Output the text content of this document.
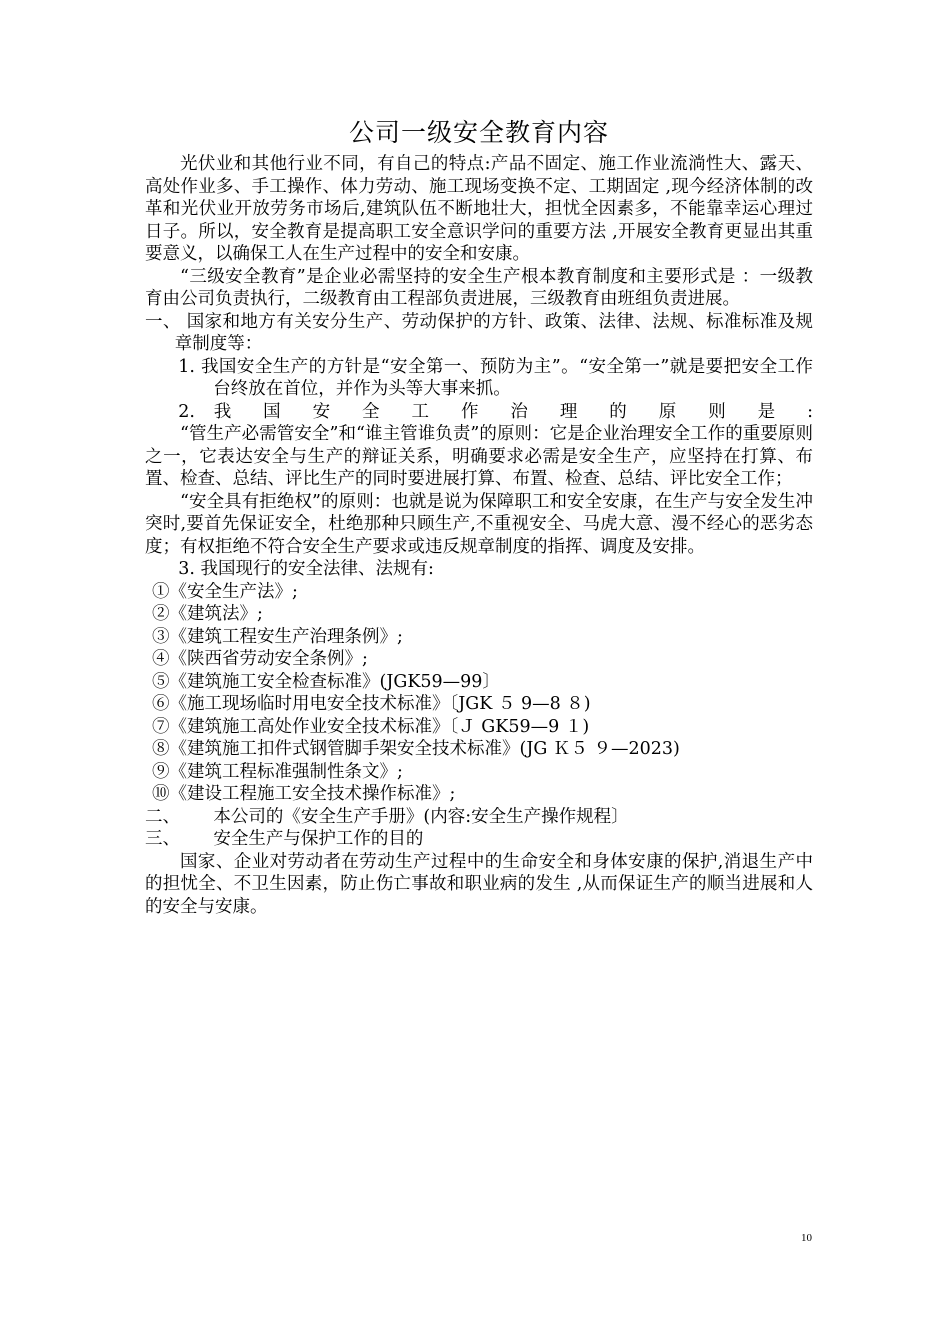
公司一级安全教育内容

光伏业和其他行业不同，有自己的特点:产品不固定、施工作业流淌性大、露天、高处作业多、手工操作、体力劳动、施工现场变换不定、工期固定 ,现今经济体制的改革和光伏业开放劳务市场后,建筑队伍不断地壮大，担忧全因素多，不能靠幸运心理过日子。所以，安全教育是提高职工安全意识学问的重要方法 ,开展安全教育更显出其重要意义，以确保工人在生产过程中的安全和安康。

“三级安全教育”是企业必需坚持的安全生产根本教育制度和主要形式是 ：一级教育由公司负责执行，二级教育由工程部负责进展，三级教育由班组负责进展。

一、 国家和地方有关安分生产、劳动保护的方针、政策、法律、法规、标准标准及规章制度等：

1. 我国安全生产的方针是“安全第一、预防为主”。“安全第一”就是要把安全工作台终放在首位，并作为头等大事来抓。

2. 我 国 安 全 工 作 治 理 的 原 则 是 :

“管生产必需管安全”和“谁主管谁负责”的原则：它是企业治理安全工作的重要原则之一，它表达安全与生产的辩证关系，明确要求必需是安全生产，应坚持在打算、布置、检查、总结、评比生产的同时要进展打算、布置、检查、总结、评比安全工作；

“安全具有拒绝权”的原则：也就是说为保障职工和安全安康，在生产与安全发生冲突时,要首先保证安全，杜绝那种只顾生产,不重视安全、马虎大意、漫不经心的恶劣态度；有权拒绝不符合安全生产要求或违反规章制度的指挥、调度及安排。

3. 我国现行的安全法律、法规有:

①《安全生产法》;

②《建筑法》;

③《建筑工程安生产治理条例》;

④《陕西省劳动安全条例》;

⑤《建筑施工安全检查标准》(JGK59—99〕

⑥《施工现场临时用电安全技术标准》〔JGK ５ 9—8 ８)

⑦《建筑施工高处作业安全技术标准》〔Ｊ GK59—9 １)

⑧《建筑施工扣件式钢管脚手架安全技术标准》(JG Ｋ５ ９—2023)

⑨《建筑工程标准强制性条文》;

⑩《建设工程施工安全技术操作标准》;

二、      本公司的《安全生产手册》(内容:安全生产操作规程〕

三、      安全生产与保护工作的目的

国家、企业对劳动者在劳动生产过程中的生命安全和身体安康的保护,消退生产中的担忧全、不卫生因素，防止伤亡事故和职业病的发生 ,从而保证生产的顺当进展和人的安全与安康。

10
